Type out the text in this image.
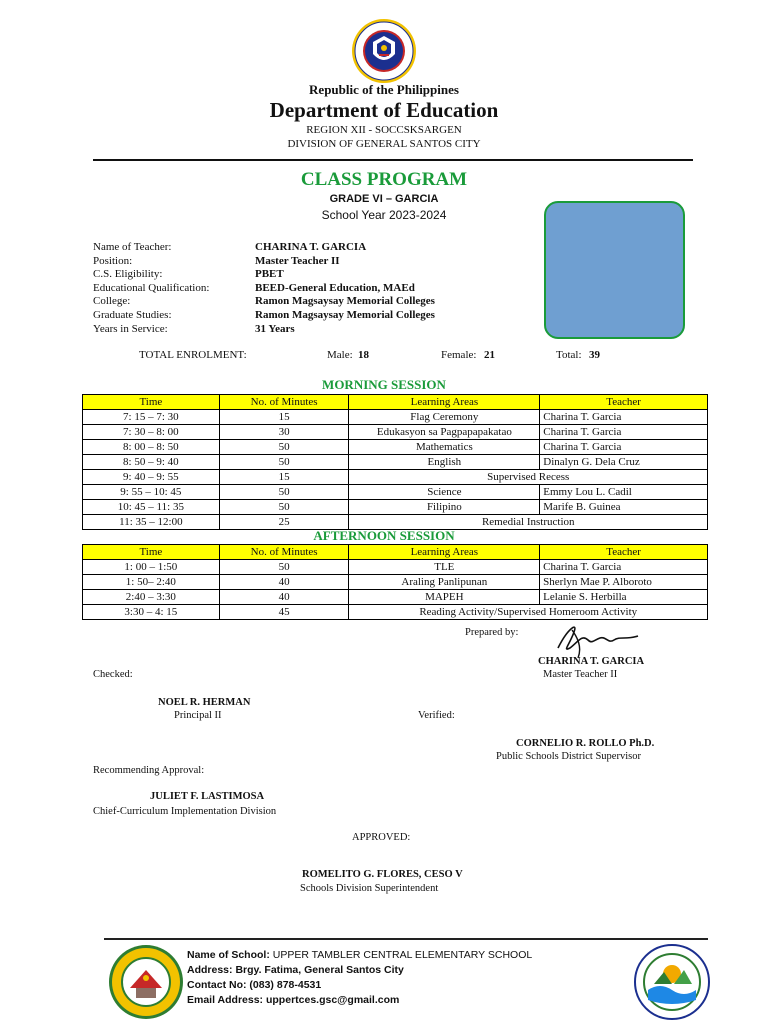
Republic of the Philippines
Department of Education
REGION XII - SOCCSKSARGEN
DIVISION OF GENERAL SANTOS CITY
CLASS PROGRAM
GRADE VI – GARCIA
School Year 2023-2024
Name of Teacher:	CHARINA T. GARCIA
Position:	Master Teacher II
C.S. Eligibility:	PBET
Educational Qualification:	BEED-General Education, MAEd
College:	Ramon Magsaysay Memorial Colleges
Graduate Studies:	Ramon Magsaysay Memorial Colleges
Years in Service:	31 Years
TOTAL ENROLMENT:	Male: 18	Female: 21	Total: 39
MORNING SESSION
Time	No. of Minutes	Learning Areas	Teacher
7: 15 – 7: 30	15	Flag Ceremony	Charina T. Garcia
7: 30 – 8: 00	30	Edukasyon sa Pagpapapakatao	Charina T. Garcia
8: 00 – 8: 50	50	Mathematics	Charina T. Garcia
8: 50 – 9: 40	50	English	Dinalyn G. Dela Cruz
9: 40 – 9: 55	15	Supervised Recess	
9: 55 – 10: 45	50	Science	Emmy Lou L. Cadil
10: 45 – 11: 35	50	Filipino	Marife B. Guinea
11: 35 – 12:00	25	Remedial Instruction	
AFTERNOON SESSION
Time	No. of Minutes	Learning Areas	Teacher
1: 00 – 1:50	50	TLE	Charina T. Garcia
1: 50– 2:40	40	Araling Panlipunan	Sherlyn Mae P. Alboroto
2:40 – 3:30	40	MAPEH	Lelanie S. Herbilla
3:30 – 4: 15	45	Reading Activity/Supervised Homeroom Activity	
Prepared by:
CHARINA T. GARCIA
Master Teacher II
Checked:
NOEL R. HERMAN
Principal II	Verified:
CORNELIO R. ROLLO Ph.D.
Public Schools District Supervisor
Recommending Approval:
JULIET F. LASTIMOSA
Chief-Curriculum Implementation Division
APPROVED:
ROMELITO G. FLORES, CESO V
Schools Division Superintendent
Name of School: UPPER TAMBLER CENTRAL ELEMENTARY SCHOOL
Address: Brgy. Fatima, General Santos City
Contact No: (083) 878-4531
Email Address: uppertces.gsc@gmail.com
